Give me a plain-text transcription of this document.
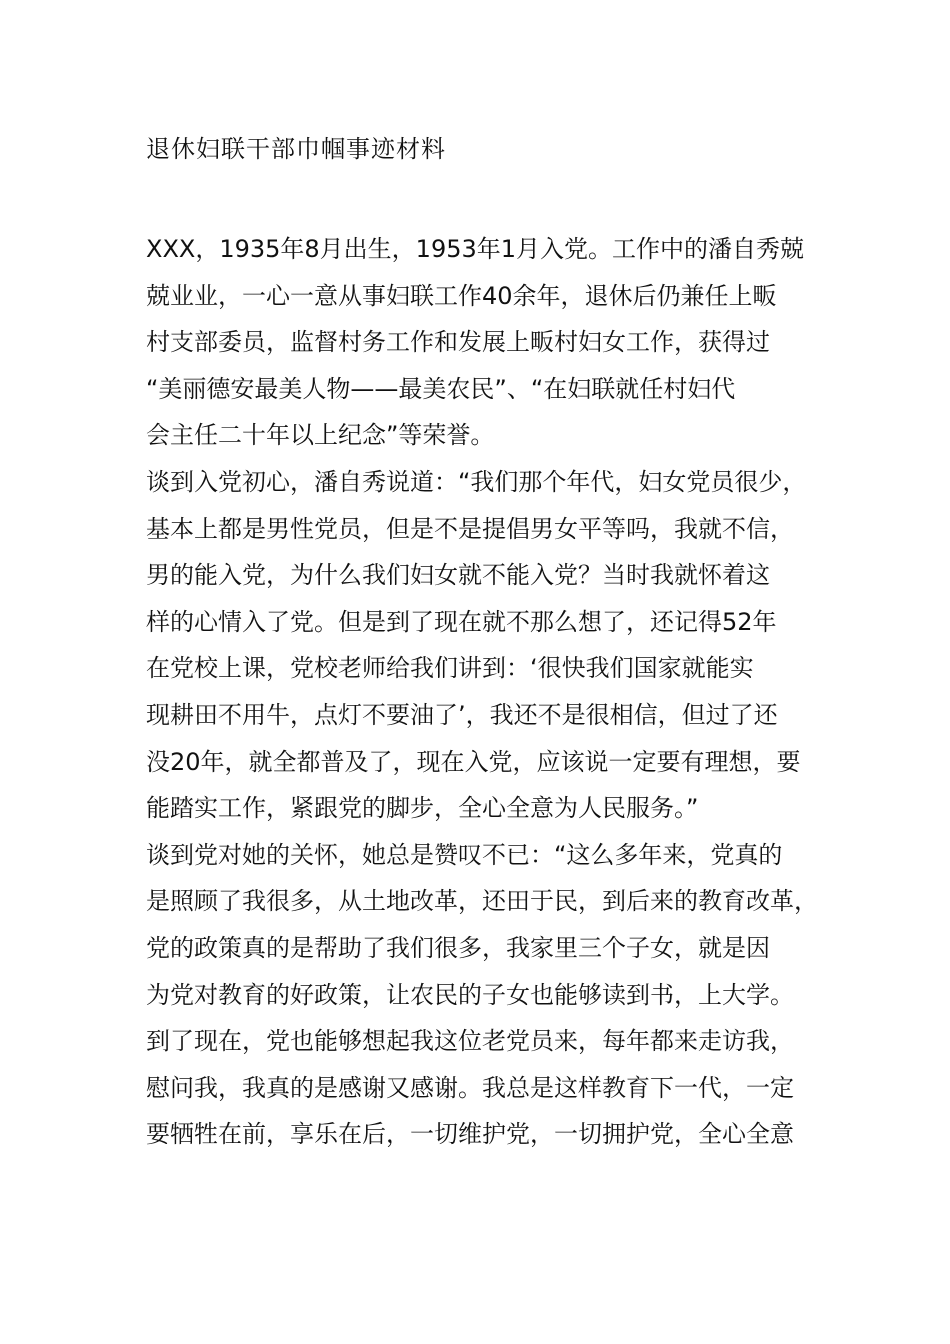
退休妇联干部巾帼事迹材料
XXX，1935年8月出生，1953年1月入党。工作中的潘自秀兢
兢业业，一心一意从事妇联工作40余年，退休后仍兼任上畈
村支部委员，监督村务工作和发展上畈村妇女工作，获得过
“美丽德安最美人物——最美农民”、“在妇联就任村妇代
会主任二十年以上纪念”等荣誉。
谈到入党初心，潘自秀说道：“我们那个年代，妇女党员很少，
基本上都是男性党员，但是不是提倡男女平等吗，我就不信，
男的能入党，为什么我们妇女就不能入党？当时我就怀着这
样的心情入了党。但是到了现在就不那么想了，还记得52年
在党校上课，党校老师给我们讲到：‘很快我们国家就能实
现耕田不用牛，点灯不要油了’，我还不是很相信，但过了还
没20年，就全都普及了，现在入党，应该说一定要有理想，要
能踏实工作，紧跟党的脚步，全心全意为人民服务。”
谈到党对她的关怀，她总是赞叹不已：“这么多年来，党真的
是照顾了我很多，从土地改革，还田于民，到后来的教育改革，
党的政策真的是帮助了我们很多，我家里三个子女，就是因
为党对教育的好政策，让农民的子女也能够读到书，上大学。
到了现在，党也能够想起我这位老党员来，每年都来走访我，
慰问我，我真的是感谢又感谢。我总是这样教育下一代，一定
要牺牲在前，享乐在后，一切维护党，一切拥护党，全心全意
